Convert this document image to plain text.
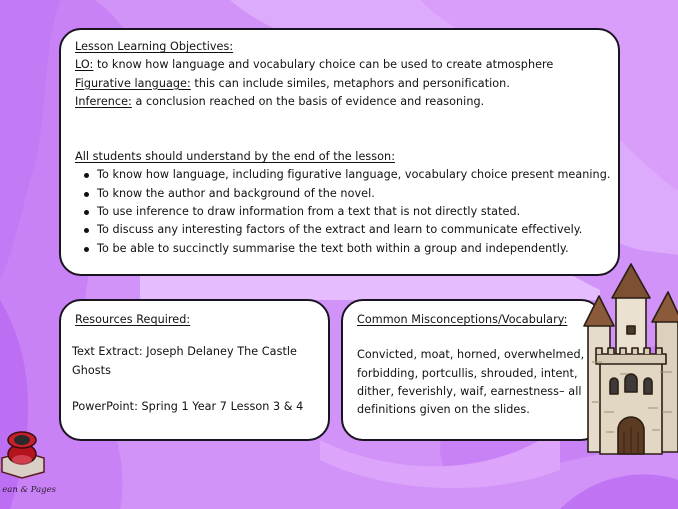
Lesson Learning Objectives:
LO: to know how language and vocabulary choice can be used to create atmosphere
Figurative language: this can include similes, metaphors and personification.
Inference: a conclusion reached on the basis of evidence and reasoning.
All students should understand by the end of the lesson:
To know how language, including figurative language, vocabulary choice present meaning.
To know the author and background of the novel.
To use inference to draw information from a text that is not directly stated.
To discuss any interesting factors of the extract and learn to communicate effectively.
To be able to succinctly summarise the text both within a group and independently.
Resources Required:
Text Extract: Joseph Delaney The Castle Ghosts
PowerPoint: Spring 1 Year 7 Lesson 3 & 4
Common Misconceptions/Vocabulary:
Convicted, moat, horned, overwhelmed, forbidding, portcullis, shrouded, intent, dither, feverishly, waif, earnestness– all definitions given on the slides.
ean & Pages
